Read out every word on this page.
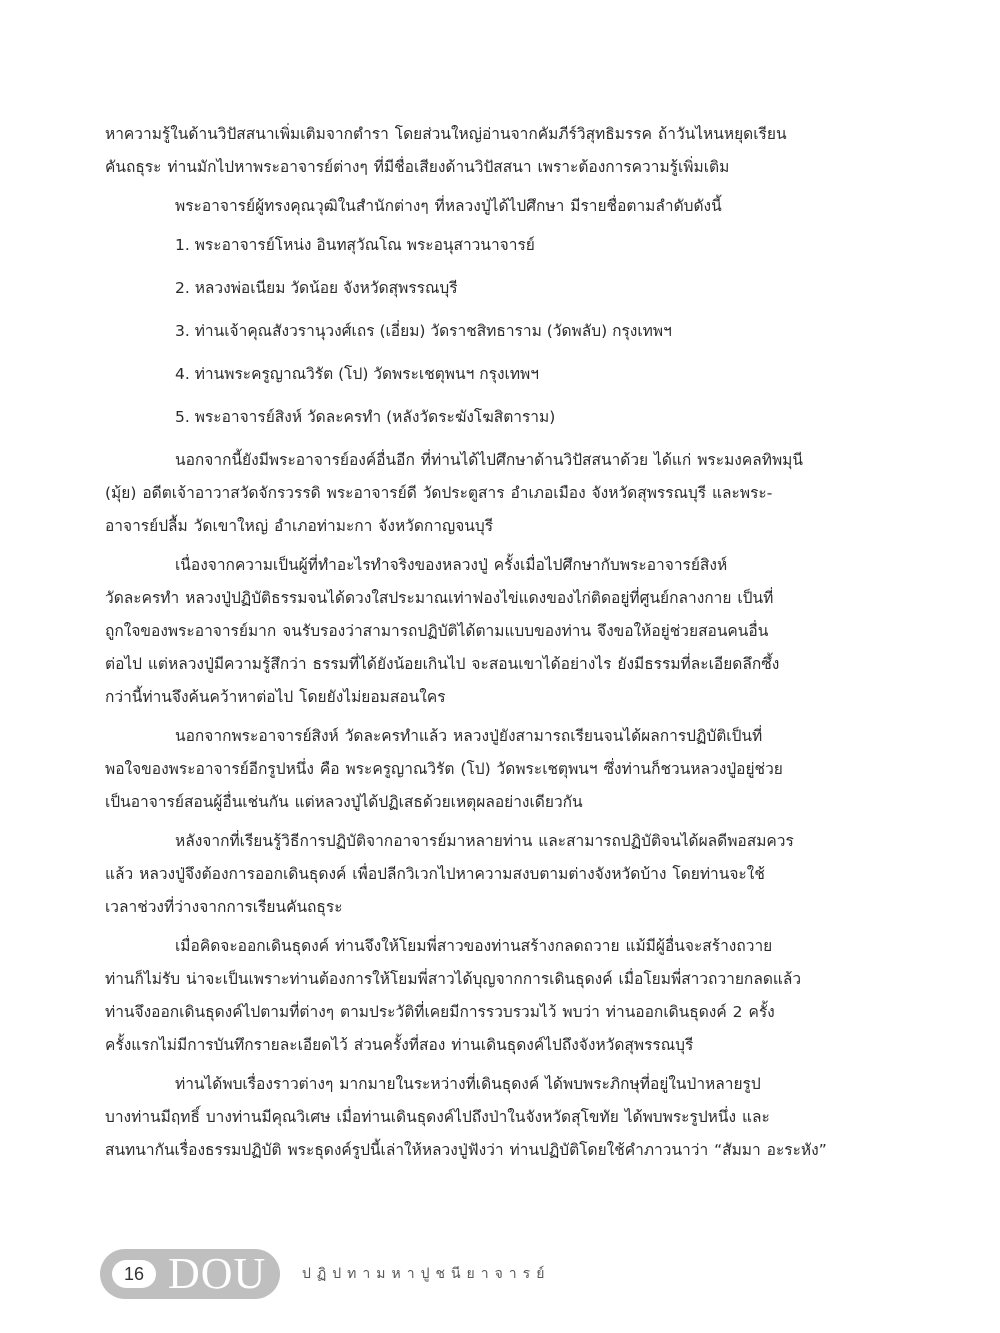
หาความรู้ในด้านวิปัสสนาเพิ่มเติมจากตำรา โดยส่วนใหญ่อ่านจากคัมภีร์วิสุทธิมรรค ถ้าวันไหนหยุดเรียน
คันถธุระ ท่านมักไปหาพระอาจารย์ต่างๆ ที่มีชื่อเสียงด้านวิปัสสนา เพราะต้องการความรู้เพิ่มเติม

พระอาจารย์ผู้ทรงคุณวุฒิในสำนักต่างๆ ที่หลวงปู่ได้ไปศึกษา มีรายชื่อตามลำดับดังนี้

1. พระอาจารย์โหน่ง อินทสุวัณโณ พระอนุสาวนาจารย์
2. หลวงพ่อเนียม วัดน้อย จังหวัดสุพรรณบุรี
3. ท่านเจ้าคุณสังวรานุวงศ์เถร (เอี่ยม) วัดราชสิทธาราม (วัดพลับ) กรุงเทพฯ
4. ท่านพระครูญาณวิรัต (โป) วัดพระเชตุพนฯ กรุงเทพฯ
5. พระอาจารย์สิงห์ วัดละครทำ (หลังวัดระฆังโฆสิตาราม)

นอกจากนี้ยังมีพระอาจารย์องค์อื่นอีก ที่ท่านได้ไปศึกษาด้านวิปัสสนาด้วย ได้แก่ พระมงคลทิพมุนี
(มุ้ย) อดีตเจ้าอาวาสวัดจักรวรรดิ พระอาจารย์ดี วัดประตูสาร อำเภอเมือง จังหวัดสุพรรณบุรี และพระ-
อาจารย์ปลื้ม วัดเขาใหญ่ อำเภอท่ามะกา จังหวัดกาญจนบุรี

เนื่องจากความเป็นผู้ที่ทำอะไรทำจริงของหลวงปู่ ครั้งเมื่อไปศึกษากับพระอาจารย์สิงห์
วัดละครทำ หลวงปู่ปฏิบัติธรรมจนได้ดวงใสประมาณเท่าฟองไข่แดงของไก่ติดอยู่ที่ศูนย์กลางกาย เป็นที่
ถูกใจของพระอาจารย์มาก จนรับรองว่าสามารถปฏิบัติได้ตามแบบของท่าน จึงขอให้อยู่ช่วยสอนคนอื่น
ต่อไป แต่หลวงปู่มีความรู้สึกว่า ธรรมที่ได้ยังน้อยเกินไป จะสอนเขาได้อย่างไร ยังมีธรรมที่ละเอียดลึกซึ้ง
กว่านี้ท่านจึงค้นคว้าหาต่อไป โดยยังไม่ยอมสอนใคร

นอกจากพระอาจารย์สิงห์ วัดละครทำแล้ว หลวงปู่ยังสามารถเรียนจนได้ผลการปฏิบัติเป็นที่
พอใจของพระอาจารย์อีกรูปหนึ่ง คือ พระครูญาณวิรัต (โป) วัดพระเชตุพนฯ ซึ่งท่านก็ชวนหลวงปู่อยู่ช่วย
เป็นอาจารย์สอนผู้อื่นเช่นกัน แต่หลวงปู่ได้ปฏิเสธด้วยเหตุผลอย่างเดียวกัน

หลังจากที่เรียนรู้วิธีการปฏิบัติจากอาจารย์มาหลายท่าน และสามารถปฏิบัติจนได้ผลดีพอสมควร
แล้ว หลวงปู่จึงต้องการออกเดินธุดงค์ เพื่อปลีกวิเวกไปหาความสงบตามต่างจังหวัดบ้าง โดยท่านจะใช้
เวลาช่วงที่ว่างจากการเรียนคันถธุระ

เมื่อคิดจะออกเดินธุดงค์ ท่านจึงให้โยมพี่สาวของท่านสร้างกลดถวาย แม้มีผู้อื่นจะสร้างถวาย
ท่านก็ไม่รับ น่าจะเป็นเพราะท่านต้องการให้โยมพี่สาวได้บุญจากการเดินธุดงค์ เมื่อโยมพี่สาวถวายกลดแล้ว
ท่านจึงออกเดินธุดงค์ไปตามที่ต่างๆ ตามประวัติที่เคยมีการรวบรวมไว้ พบว่า ท่านออกเดินธุดงค์ 2 ครั้ง
ครั้งแรกไม่มีการบันทึกรายละเอียดไว้ ส่วนครั้งที่สอง ท่านเดินธุดงค์ไปถึงจังหวัดสุพรรณบุรี

ท่านได้พบเรื่องราวต่างๆ มากมายในระหว่างที่เดินธุดงค์ ได้พบพระภิกษุที่อยู่ในป่าหลายรูป
บางท่านมีฤทธิ์ บางท่านมีคุณวิเศษ เมื่อท่านเดินธุดงค์ไปถึงป่าในจังหวัดสุโขทัย ได้พบพระรูปหนึ่ง และ
สนทนากันเรื่องธรรมปฏิบัติ พระธุดงค์รูปนี้เล่าให้หลวงปู่ฟังว่า ท่านปฏิบัติโดยใช้คำภาวนาว่า “สัมมา อะระหัง”

16 DOU	ปฏิปทามหาปูชนียาจารย์
